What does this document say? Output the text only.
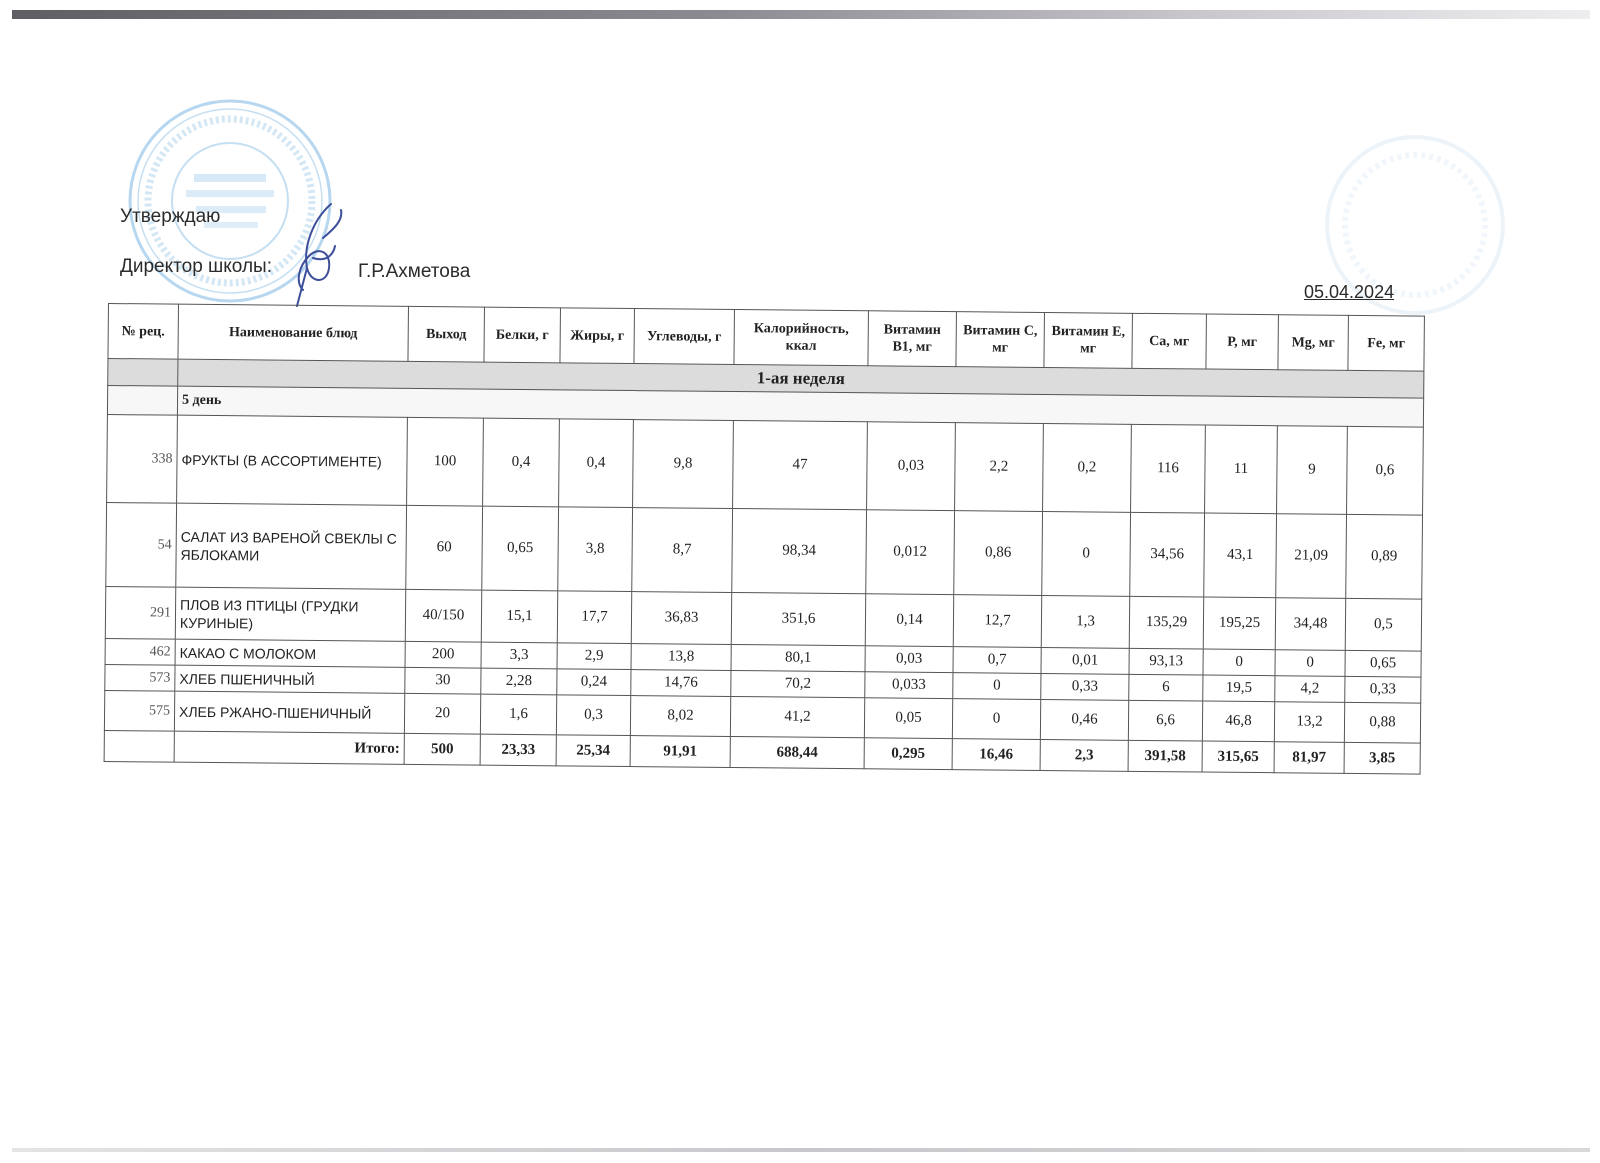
Утверждаю
Директор школы:	Г.Р.Ахметова
05.04.2024
№ рец.	Наименование блюд	Выход	Белки, г	Жиры, г	Углеводы, г	Калорийность, ккал	Витамин В1, мг	Витамин С, мг	Витамин Е, мг	Са, мг	Р, мг	Mg, мг	Fe, мг
	1-ая неделя												
	5 день												
338	ФРУКТЫ (В АССОРТИМЕНТЕ)	100	0,4	0,4	9,8	47	0,03	2,2	0,2	116	11	9	0,6
54	САЛАТ ИЗ ВАРЕНОЙ СВЕКЛЫ С ЯБЛОКАМИ	60	0,65	3,8	8,7	98,34	0,012	0,86	0	34,56	43,1	21,09	0,89
291	ПЛОВ ИЗ ПТИЦЫ (ГРУДКИ КУРИНЫЕ)	40/150	15,1	17,7	36,83	351,6	0,14	12,7	1,3	135,29	195,25	34,48	0,5
462	КАКАО С МОЛОКОМ	200	3,3	2,9	13,8	80,1	0,03	0,7	0,01	93,13	0	0	0,65
573	ХЛЕБ ПШЕНИЧНЫЙ	30	2,28	0,24	14,76	70,2	0,033	0	0,33	6	19,5	4,2	0,33
575	ХЛЕБ РЖАНО-ПШЕНИЧНЫЙ	20	1,6	0,3	8,02	41,2	0,05	0	0,46	6,6	46,8	13,2	0,88
	Итого:	500	23,33	25,34	91,91	688,44	0,295	16,46	2,3	391,58	315,65	81,97	3,85
